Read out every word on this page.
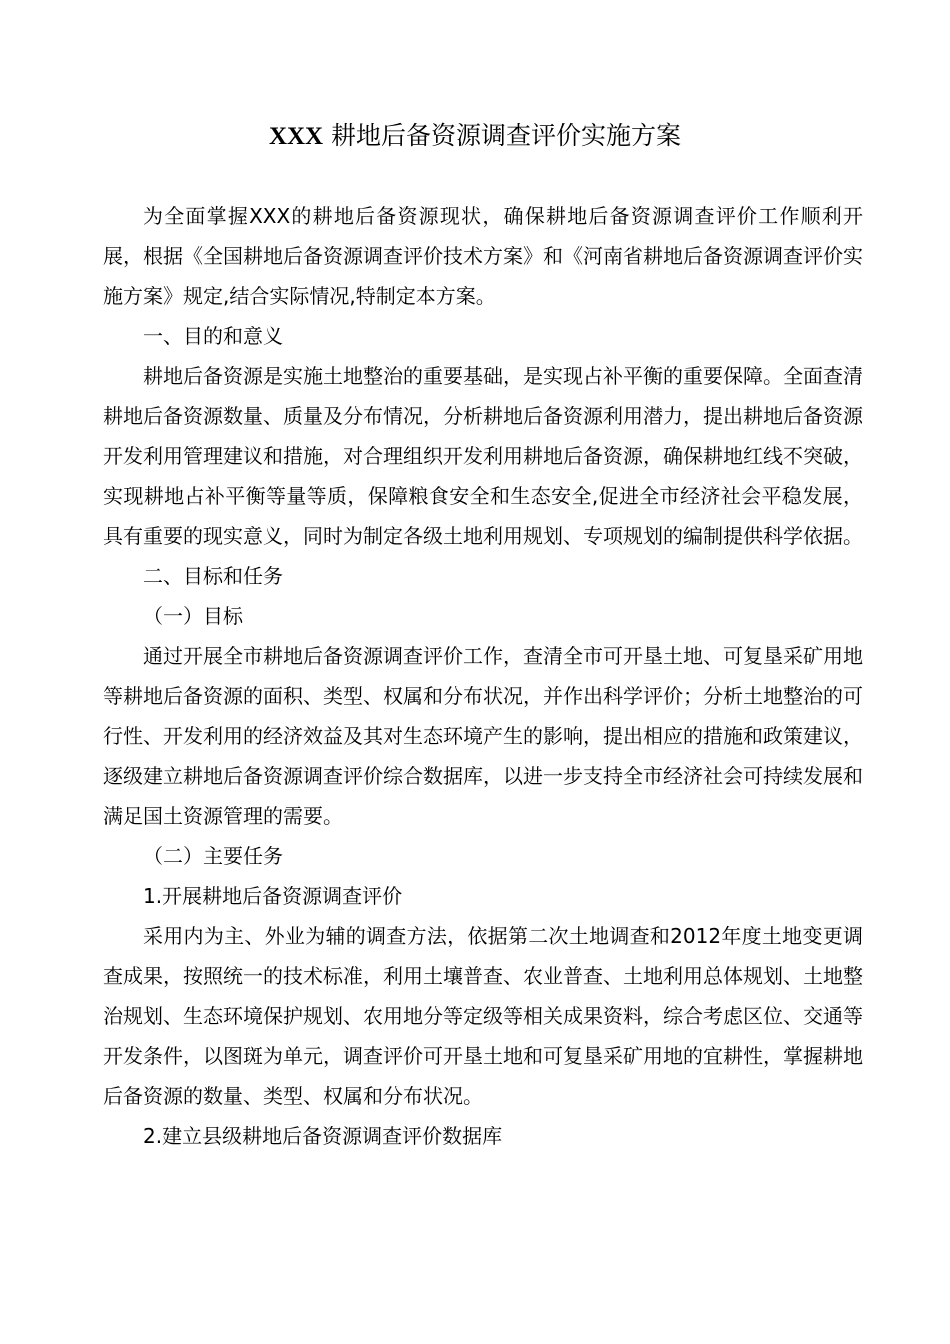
XXX 耕地后备资源调查评价实施方案

为全面掌握XXX的耕地后备资源现状，确保耕地后备资源调查评价工作顺利开展，根据《全国耕地后备资源调查评价技术方案》和《河南省耕地后备资源调查评价实施方案》规定,结合实际情况,特制定本方案。

一、目的和意义

耕地后备资源是实施土地整治的重要基础，是实现占补平衡的重要保障。全面查清耕地后备资源数量、质量及分布情况，分析耕地后备资源利用潜力，提出耕地后备资源开发利用管理建议和措施，对合理组织开发利用耕地后备资源，确保耕地红线不突破，实现耕地占补平衡等量等质，保障粮食安全和生态安全,促进全市经济社会平稳发展，具有重要的现实意义，同时为制定各级土地利用规划、专项规划的编制提供科学依据。

二、目标和任务

（一）目标

通过开展全市耕地后备资源调查评价工作，查清全市可开垦土地、可复垦采矿用地等耕地后备资源的面积、类型、权属和分布状况，并作出科学评价；分析土地整治的可行性、开发利用的经济效益及其对生态环境产生的影响，提出相应的措施和政策建议，逐级建立耕地后备资源调查评价综合数据库，以进一步支持全市经济社会可持续发展和满足国土资源管理的需要。

（二）主要任务

1.开展耕地后备资源调查评价

采用内为主、外业为辅的调查方法，依据第二次土地调查和2012年度土地变更调查成果，按照统一的技术标准，利用土壤普查、农业普查、土地利用总体规划、土地整治规划、生态环境保护规划、农用地分等定级等相关成果资料，综合考虑区位、交通等开发条件，以图斑为单元，调查评价可开垦土地和可复垦采矿用地的宜耕性，掌握耕地后备资源的数量、类型、权属和分布状况。

2.建立县级耕地后备资源调查评价数据库
